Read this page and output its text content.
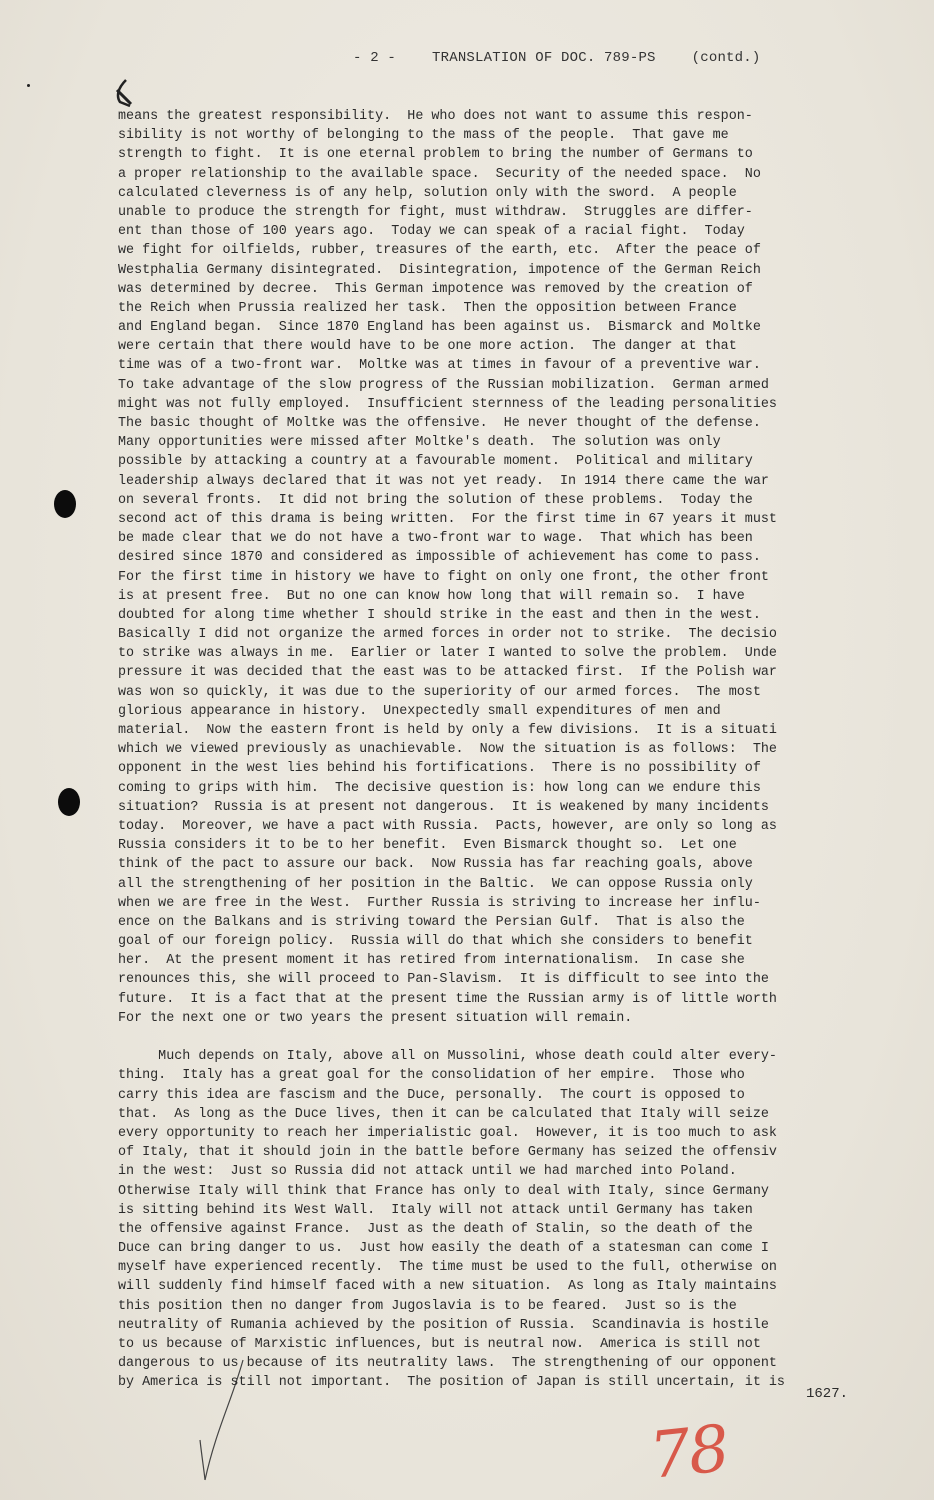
- 2 -	TRANSLATION OF DOC. 789-PS	(contd.)
means the greatest responsibility.  He who does not want to assume this respon-
sibility is not worthy of belonging to the mass of the people.  That gave me
strength to fight.  It is one eternal problem to bring the number of Germans to
a proper relationship to the available space.  Security of the needed space.  No
calculated cleverness is of any help, solution only with the sword.  A people
unable to produce the strength for fight, must withdraw.  Struggles are differ-
ent than those of 100 years ago.  Today we can speak of a racial fight.  Today
we fight for oilfields, rubber, treasures of the earth, etc.  After the peace of
Westphalia Germany disintegrated.  Disintegration, impotence of the German Reich
was determined by decree.  This German impotence was removed by the creation of
the Reich when Prussia realized her task.  Then the opposition between France
and England began.  Since 1870 England has been against us.  Bismarck and Moltke
were certain that there would have to be one more action.  The danger at that
time was of a two-front war.  Moltke was at times in favour of a preventive war.
To take advantage of the slow progress of the Russian mobilization.  German armed
might was not fully employed.  Insufficient sternness of the leading personalities
The basic thought of Moltke was the offensive.  He never thought of the defense.
Many opportunities were missed after Moltke's death.  The solution was only
possible by attacking a country at a favourable moment.  Political and military
leadership always declared that it was not yet ready.  In 1914 there came the war
on several fronts.  It did not bring the solution of these problems.  Today the
second act of this drama is being written.  For the first time in 67 years it must
be made clear that we do not have a two-front war to wage.  That which has been
desired since 1870 and considered as impossible of achievement has come to pass.
For the first time in history we have to fight on only one front, the other front
is at present free.  But no one can know how long that will remain so.  I have
doubted for along time whether I should strike in the east and then in the west.
Basically I did not organize the armed forces in order not to strike.  The decisio
to strike was always in me.  Earlier or later I wanted to solve the problem.  Unde
pressure it was decided that the east was to be attacked first.  If the Polish war
was won so quickly, it was due to the superiority of our armed forces.  The most
glorious appearance in history.  Unexpectedly small expenditures of men and
material.  Now the eastern front is held by only a few divisions.  It is a situati
which we viewed previously as unachievable.  Now the situation is as follows:  The
opponent in the west lies behind his fortifications.  There is no possibility of
coming to grips with him.  The decisive question is: how long can we endure this
situation?  Russia is at present not dangerous.  It is weakened by many incidents
today.  Moreover, we have a pact with Russia.  Pacts, however, are only so long as
Russia considers it to be to her benefit.  Even Bismarck thought so.  Let one
think of the pact to assure our back.  Now Russia has far reaching goals, above
all the strengthening of her position in the Baltic.  We can oppose Russia only
when we are free in the West.  Further Russia is striving to increase her influ-
ence on the Balkans and is striving toward the Persian Gulf.  That is also the
goal of our foreign policy.  Russia will do that which she considers to benefit
her.  At the present moment it has retired from internationalism.  In case she
renounces this, she will proceed to Pan-Slavism.  It is difficult to see into the
future.  It is a fact that at the present time the Russian army is of little worth
For the next one or two years the present situation will remain.
Much depends on Italy, above all on Mussolini, whose death could alter every-
thing.  Italy has a great goal for the consolidation of her empire.  Those who
carry this idea are fascism and the Duce, personally.  The court is opposed to
that.  As long as the Duce lives, then it can be calculated that Italy will seize
every opportunity to reach her imperialistic goal.  However, it is too much to ask
of Italy, that it should join in the battle before Germany has seized the offensiv
in the west:  Just so Russia did not attack until we had marched into Poland.
Otherwise Italy will think that France has only to deal with Italy, since Germany
is sitting behind its West Wall.  Italy will not attack until Germany has taken
the offensive against France.  Just as the death of Stalin, so the death of the
Duce can bring danger to us.  Just how easily the death of a statesman can come I
myself have experienced recently.  The time must be used to the full, otherwise on
will suddenly find himself faced with a new situation.  As long as Italy maintains
this position then no danger from Jugoslavia is to be feared.  Just so is the
neutrality of Rumania achieved by the position of Russia.  Scandinavia is hostile
to us because of Marxistic influences, but is neutral now.  America is still not
dangerous to us because of its neutrality laws.  The strengthening of our opponent
by America is still not important.  The position of Japan is still uncertain, it is
1627.
78
